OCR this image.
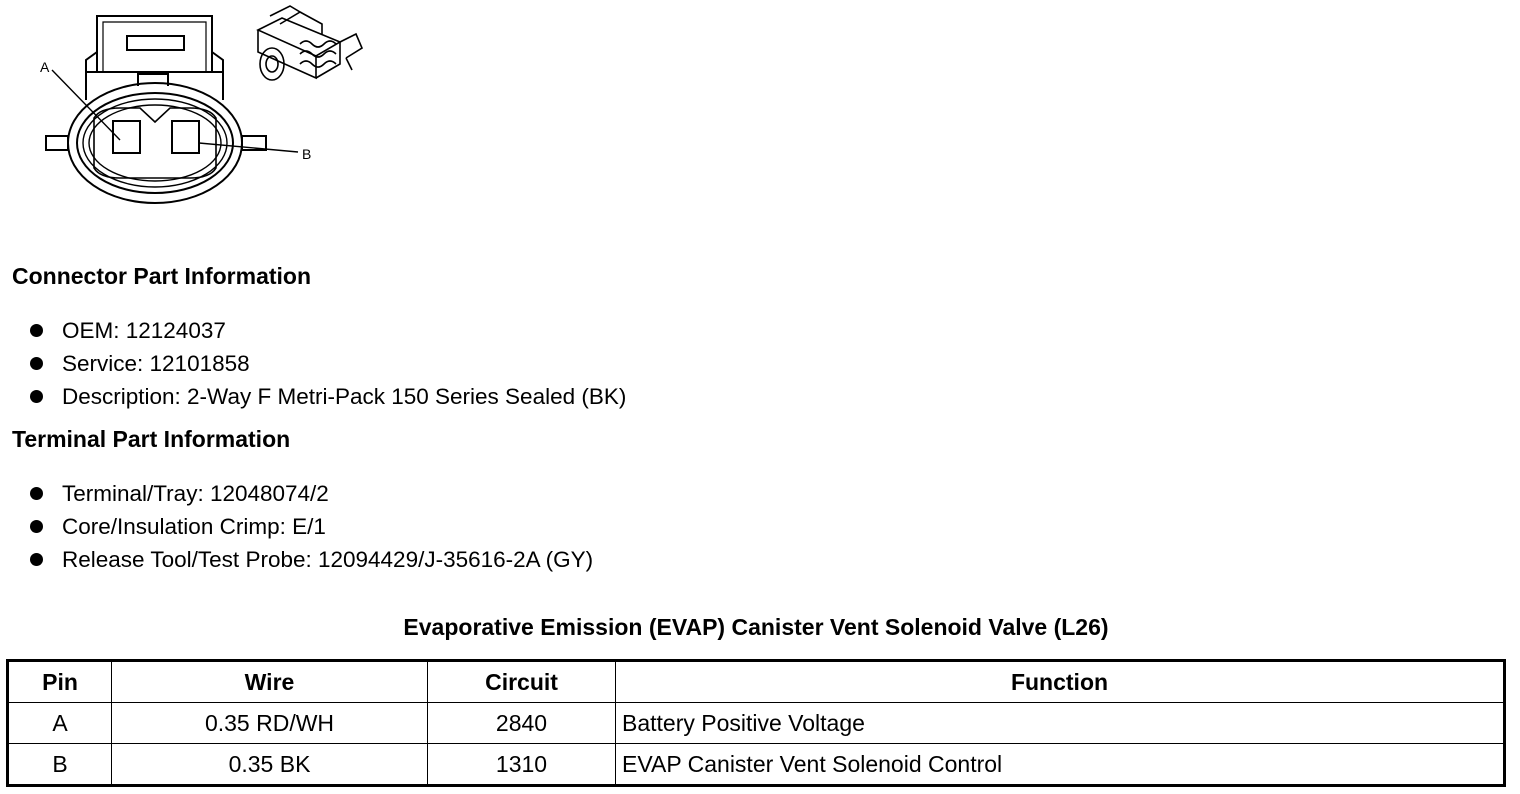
A
B
Connector Part Information
OEM: 12124037
Service: 12101858
Description: 2-Way F Metri-Pack 150 Series Sealed (BK)
Terminal Part Information
Terminal/Tray: 12048074/2
Core/Insulation Crimp: E/1
Release Tool/Test Probe: 12094429/J-35616-2A (GY)
Evaporative Emission (EVAP) Canister Vent Solenoid Valve (L26)
Pin	Wire	Circuit	Function
A	0.35 RD/WH	2840	Battery Positive Voltage
B	0.35 BK	1310	EVAP Canister Vent Solenoid Control
